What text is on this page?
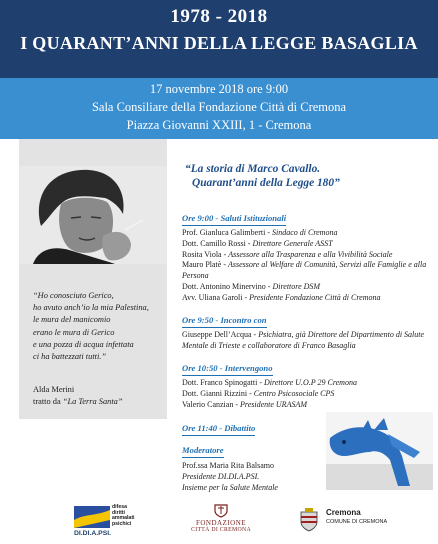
1978 - 2018
I QUARANT’ANNI DELLA LEGGE BASAGLIA
17 novembre 2018 ore 9:00
Sala Consiliare della Fondazione Città di Cremona
Piazza Giovanni XXIII, 1 - Cremona
“Ho conosciuto Gerico,
ho avuto anch’io la mia Palestina,
le mura del manicomio
erano le mura di Gerico
e una pozza di acqua infettata
ci ha battezzati tutti.”
Alda Merini
tratto da “La Terra Santa”
“La storia di Marco Cavallo.
Quarant’anni della Legge 180”
Ore 9:00 - Saluti Istituzionali
Prof. Gianluca Galimberti - Sindaco di Cremona
Dott. Camillo Rossi - Direttore Generale ASST
Rosita Viola - Assessore alla Trasparenza e alla Vivibilità Sociale
Mauro Platè - Assessore al Welfare di Comunità, Servizi alle Famiglie e alla Persona
Dott. Antonino Minervino - Direttore DSM
Avv. Uliana Garoli - Presidente Fondazione Città di Cremona
Ore 9:50 - Incontro con
Giuseppe Dell’Acqua - Psichiatra, già Direttore del Dipartimento di Salute Mentale di Trieste e collaboratore di Franco Basaglia
Ore 10:50 - Intervengono
Dott. Franco Spinogatti - Direttore U.O.P 29 Cremona
Dott. Gianni Rizzini - Centro Psicosociale CPS
Valerio Canzian - Presidente URASAM
Ore 11:40 - Dibattito
Moderatore
Prof.ssa Maria Rita Balsamo
Presidente DI.DI.A.PSI.
Insieme per la Salute Mentale
difesa
diritti
ammalati
psichici
DI.DI.A.PSI.
FONDAZIONE
CITTÀ DI CREMONA
Cremona
COMUNE DI CREMONA
